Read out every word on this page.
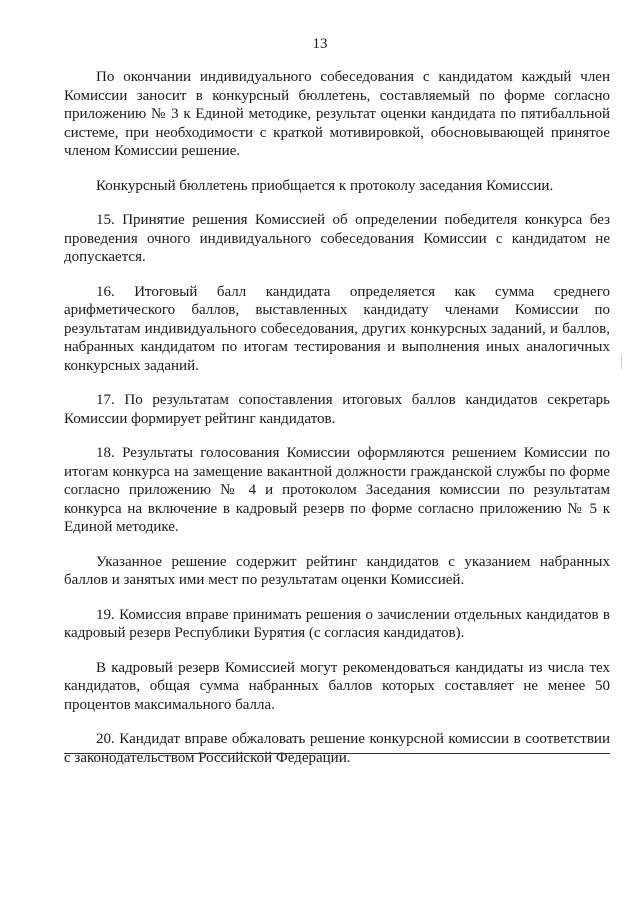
13

По окончании индивидуального собеседования с кандидатом каждый член Комиссии заносит в конкурсный бюллетень, составляемый по форме согласно приложению № 3 к Единой методике, результат оценки кандидата по пятибалльной системе, при необходимости с краткой мотивировкой, обосновывающей принятое членом Комиссии решение.

Конкурсный бюллетень приобщается к протоколу заседания Комиссии.

15. Принятие решения Комиссией об определении победителя конкурса без проведения очного индивидуального собеседования Комиссии с кандидатом не допускается.

16. Итоговый балл кандидата определяется как сумма среднего арифметического баллов, выставленных кандидату членами Комиссии по результатам индивидуального собеседования, других конкурсных заданий, и баллов, набранных кандидатом по итогам тестирования и выполнения иных аналогичных конкурсных заданий.

17. По результатам сопоставления итоговых баллов кандидатов секретарь Комиссии формирует рейтинг кандидатов.

18. Результаты голосования Комиссии оформляются решением Комиссии по итогам конкурса на замещение вакантной должности гражданской службы по форме согласно приложению № 4 и протоколом Заседания комиссии по результатам конкурса на включение в кадровый резерв по форме согласно приложению № 5 к Единой методике.

Указанное решение содержит рейтинг кандидатов с указанием набранных баллов и занятых ими мест по результатам оценки Комиссией.

19. Комиссия вправе принимать решения о зачислении отдельных кандидатов в кадровый резерв Республики Бурятия (с согласия кандидатов).

В кадровый резерв Комиссией могут рекомендоваться кандидаты из числа тех кандидатов, общая сумма набранных баллов которых составляет не менее 50 процентов максимального балла.

20. Кандидат вправе обжаловать решение конкурсной комиссии в соответствии с законодательством Российской Федерации.
